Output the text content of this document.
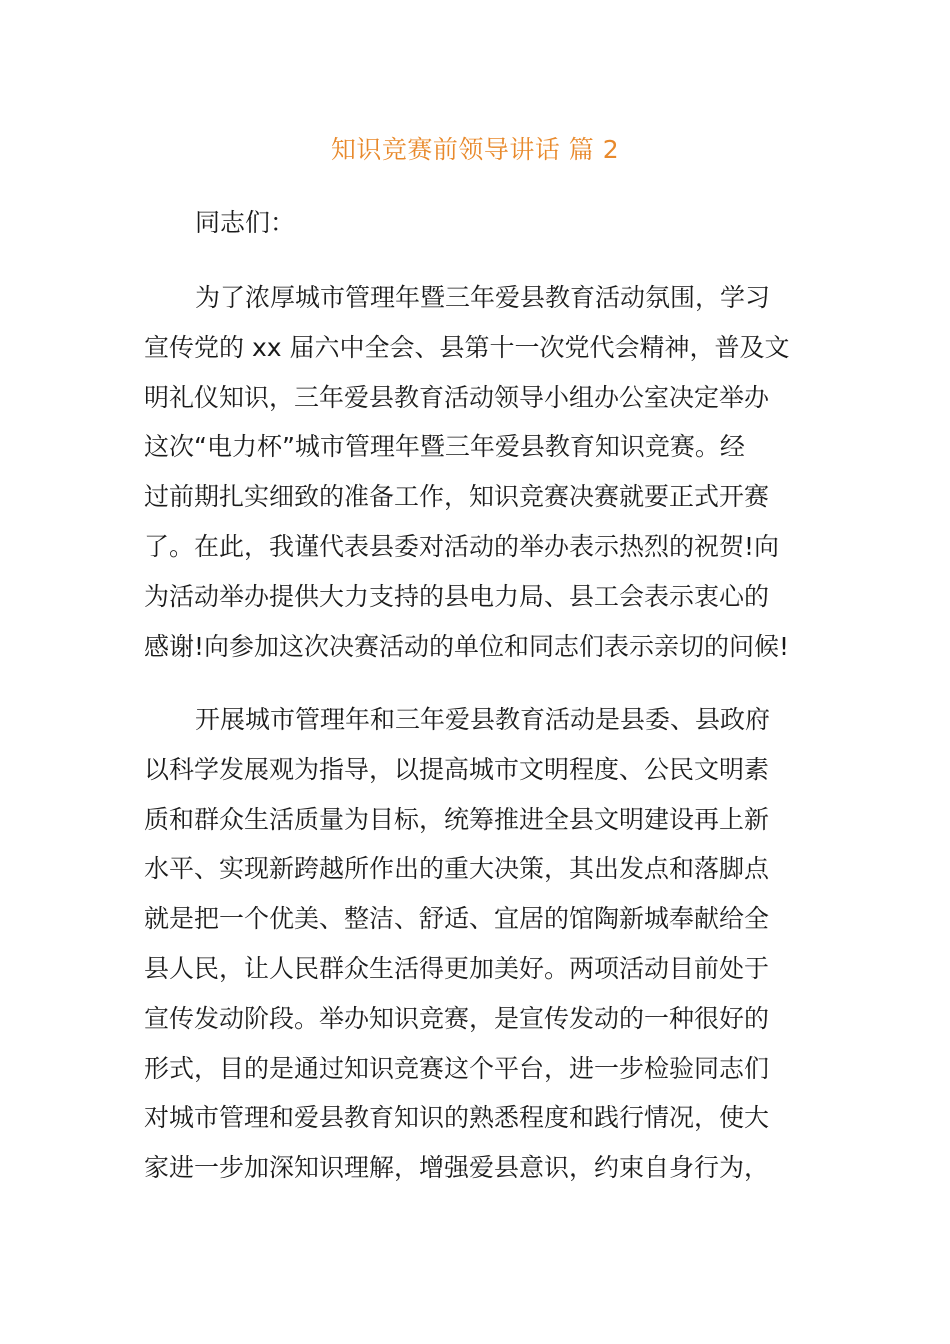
知识竞赛前领导讲话 篇 2
同志们：
为了浓厚城市管理年暨三年爱县教育活动氛围，学习
宣传党的 xx 届六中全会、县第十一次党代会精神，普及文
明礼仪知识，三年爱县教育活动领导小组办公室决定举办
这次“电力杯”城市管理年暨三年爱县教育知识竞赛。经
过前期扎实细致的准备工作，知识竞赛决赛就要正式开赛
了。在此，我谨代表县委对活动的举办表示热烈的祝贺!向
为活动举办提供大力支持的县电力局、县工会表示衷心的
感谢!向参加这次决赛活动的单位和同志们表示亲切的问候!
开展城市管理年和三年爱县教育活动是县委、县政府
以科学发展观为指导，以提高城市文明程度、公民文明素
质和群众生活质量为目标，统筹推进全县文明建设再上新
水平、实现新跨越所作出的重大决策，其出发点和落脚点
就是把一个优美、整洁、舒适、宜居的馆陶新城奉献给全
县人民，让人民群众生活得更加美好。两项活动目前处于
宣传发动阶段。举办知识竞赛，是宣传发动的一种很好的
形式，目的是通过知识竞赛这个平台，进一步检验同志们
对城市管理和爱县教育知识的熟悉程度和践行情况，使大
家进一步加深知识理解，增强爱县意识，约束自身行为，
